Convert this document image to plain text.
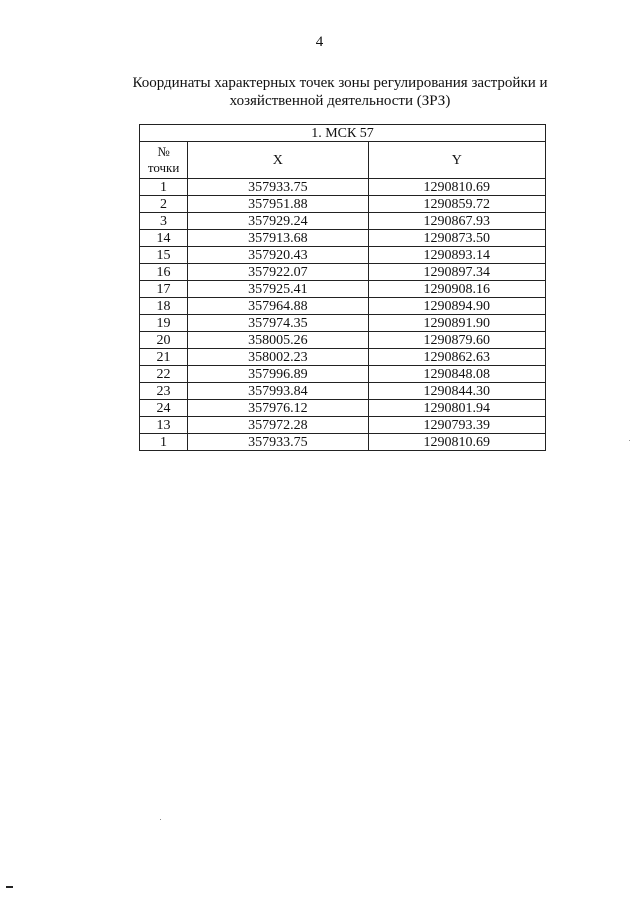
4
Координаты характерных точек зоны регулирования застройки и
хозяйственной деятельности (ЗРЗ)
1. МСК 57		

№
точки	X	Y
1	357933.75	1290810.69
2	357951.88	1290859.72
3	357929.24	1290867.93
14	357913.68	1290873.50
15	357920.43	1290893.14
16	357922.07	1290897.34
17	357925.41	1290908.16
18	357964.88	1290894.90
19	357974.35	1290891.90
20	358005.26	1290879.60
21	358002.23	1290862.63
22	357996.89	1290848.08
23	357993.84	1290844.30
24	357976.12	1290801.94
13	357972.28	1290793.39
1	357933.75	1290810.69
